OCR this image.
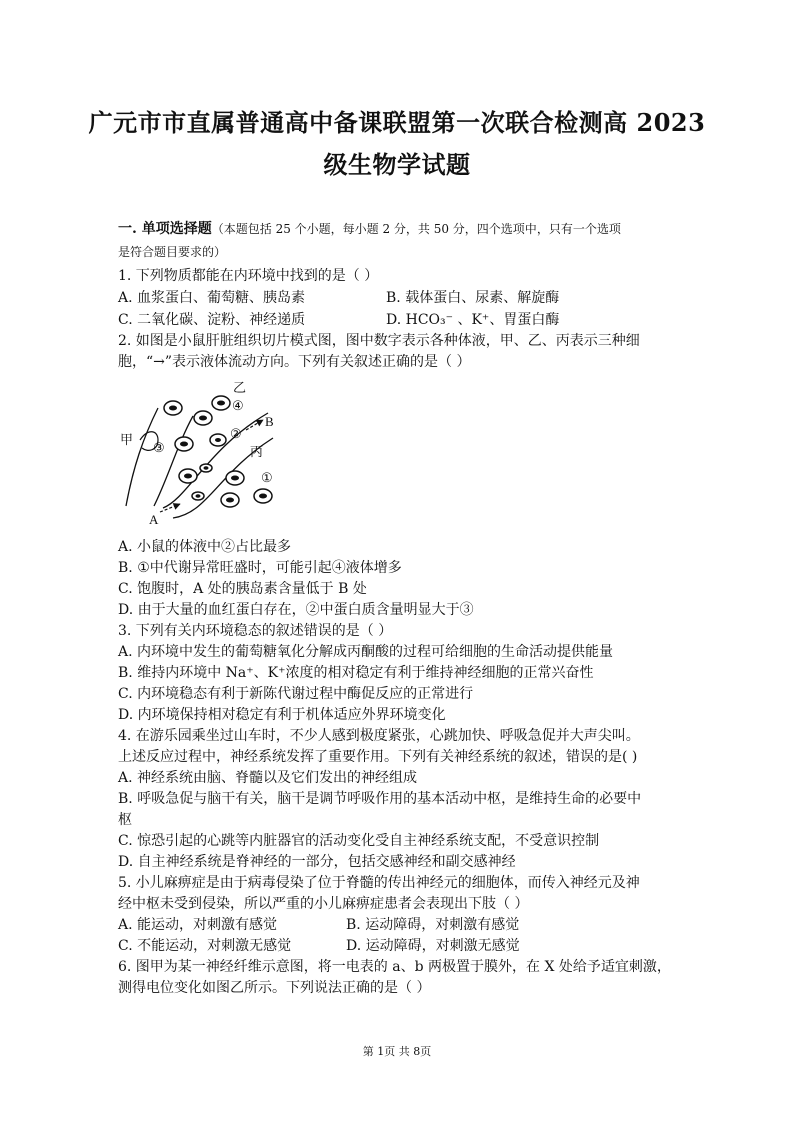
广元市市直属普通高中备课联盟第一次联合检测高 2023
级生物学试题
一. 单项选择题（本题包括 25 个小题，每小题 2 分，共 50 分，四个选项中，只有一个选项
是符合题目要求的）
1. 下列物质都能在内环境中找到的是（ ）
A. 血浆蛋白、葡萄糖、胰岛素	B. 载体蛋白、尿素、解旋酶
C. 二氧化碳、淀粉、神经递质	D. HCO₃⁻ 、K⁺、胃蛋白酶
2. 如图是小鼠肝脏组织切片模式图，图中数字表示各种体液，甲、乙、丙表示三种细
胞，“→”表示液体流动方向。下列有关叙述正确的是（ ）
乙
④
B
②
甲
③	丙
①
A
A. 小鼠的体液中②占比最多
B. ①中代谢异常旺盛时，可能引起④液体增多
C. 饱腹时，A 处的胰岛素含量低于 B 处
D. 由于大量的血红蛋白存在，②中蛋白质含量明显大于③
3. 下列有关内环境稳态的叙述错误的是（ ）
A. 内环境中发生的葡萄糖氧化分解成丙酮酸的过程可给细胞的生命活动提供能量
B. 维持内环境中 Na⁺、K⁺浓度的相对稳定有利于维持神经细胞的正常兴奋性
C. 内环境稳态有利于新陈代谢过程中酶促反应的正常进行
D. 内环境保持相对稳定有利于机体适应外界环境变化
4. 在游乐园乘坐过山车时，不少人感到极度紧张，心跳加快、呼吸急促并大声尖叫。
上述反应过程中，神经系统发挥了重要作用。下列有关神经系统的叙述，错误的是( )
A. 神经系统由脑、脊髓以及它们发出的神经组成
B. 呼吸急促与脑干有关，脑干是调节呼吸作用的基本活动中枢，是维持生命的必要中
枢
C. 惊恐引起的心跳等内脏器官的活动变化受自主神经系统支配，不受意识控制
D. 自主神经系统是脊神经的一部分，包括交感神经和副交感神经
5. 小儿麻痹症是由于病毒侵染了位于脊髓的传出神经元的细胞体，而传入神经元及神
经中枢未受到侵染，所以严重的小儿麻痹症患者会表现出下肢（ ）
A. 能运动，对刺激有感觉	B. 运动障碍，对刺激有感觉
C. 不能运动，对刺激无感觉	D. 运动障碍，对刺激无感觉
6. 图甲为某一神经纤维示意图，将一电表的 a、b 两极置于膜外，在 X 处给予适宜刺激，
测得电位变化如图乙所示。下列说法正确的是（ ）
第 1页 共 8页
